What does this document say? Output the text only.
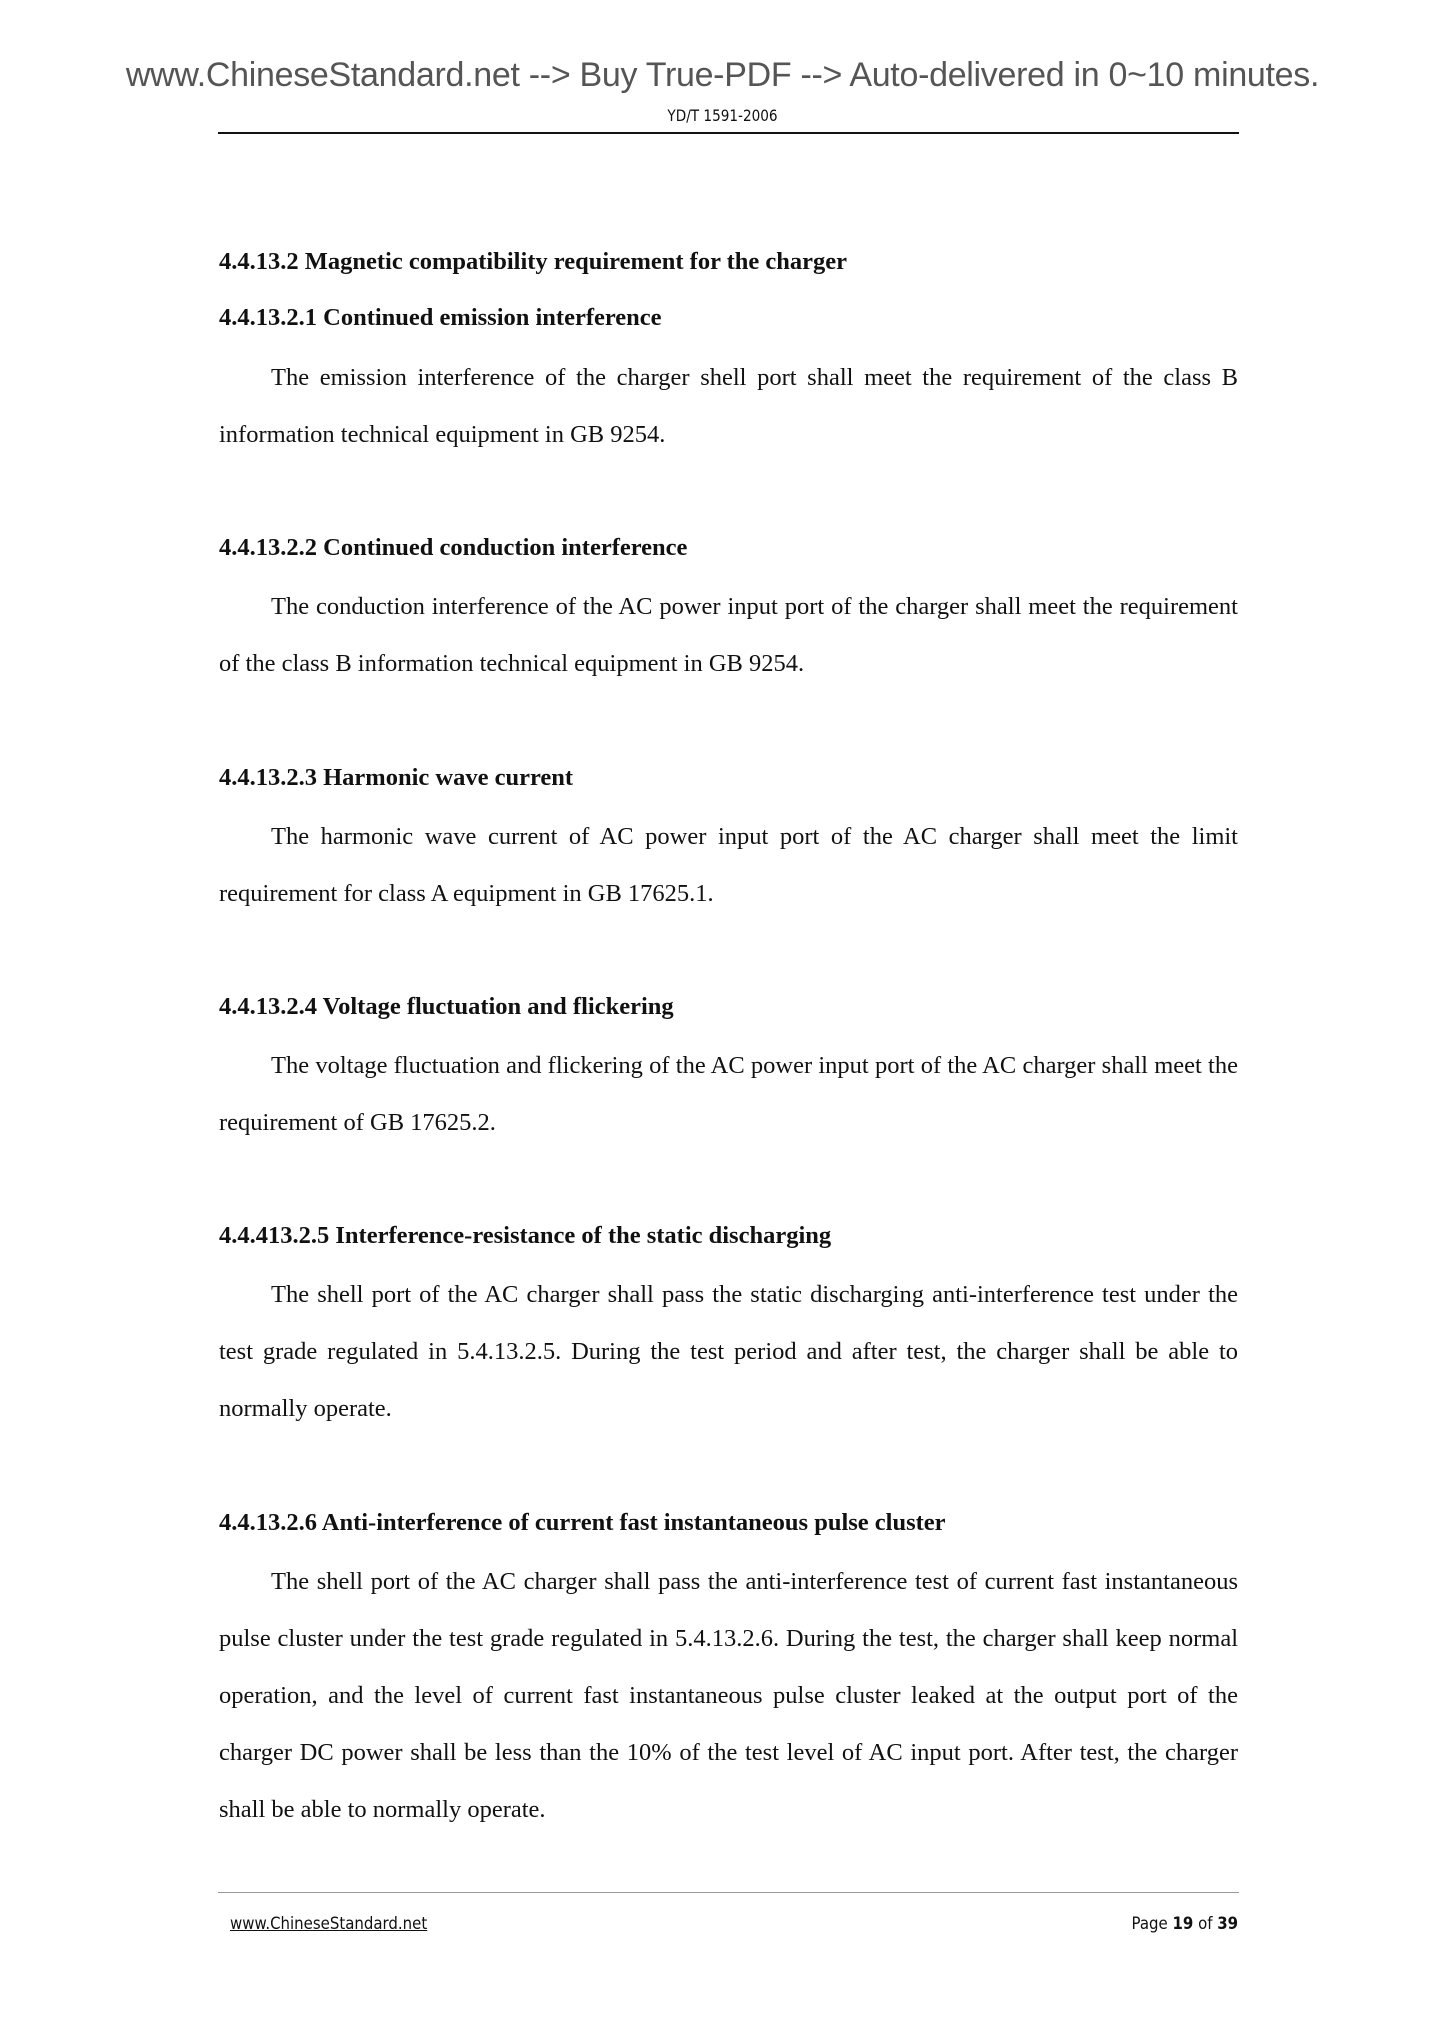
www.ChineseStandard.net --> Buy True-PDF --> Auto-delivered in 0~10 minutes.
YD/T 1591-2006
4.4.13.2 Magnetic compatibility requirement for the charger
4.4.13.2.1 Continued emission interference
The emission interference of the charger shell port shall meet the requirement of the class B information technical equipment in GB 9254.
4.4.13.2.2 Continued conduction interference
The conduction interference of the AC power input port of the charger shall meet the requirement of the class B information technical equipment in GB 9254.
4.4.13.2.3 Harmonic wave current
The harmonic wave current of AC power input port of the AC charger shall meet the limit requirement for class A equipment in GB 17625.1.
4.4.13.2.4 Voltage fluctuation and flickering
The voltage fluctuation and flickering of the AC power input port of the AC charger shall meet the requirement of GB 17625.2.
4.4.413.2.5 Interference-resistance of the static discharging
The shell port of the AC charger shall pass the static discharging anti-interference test under the test grade regulated in 5.4.13.2.5. During the test period and after test, the charger shall be able to normally operate.
4.4.13.2.6 Anti-interference of current fast instantaneous pulse cluster
The shell port of the AC charger shall pass the anti-interference test of current fast instantaneous pulse cluster under the test grade regulated in 5.4.13.2.6. During the test, the charger shall keep normal operation, and the level of current fast instantaneous pulse cluster leaked at the output port of the charger DC power shall be less than the 10% of the test level of AC input port. After test, the charger shall be able to normally operate.
www.ChineseStandard.net	Page 19 of 39
